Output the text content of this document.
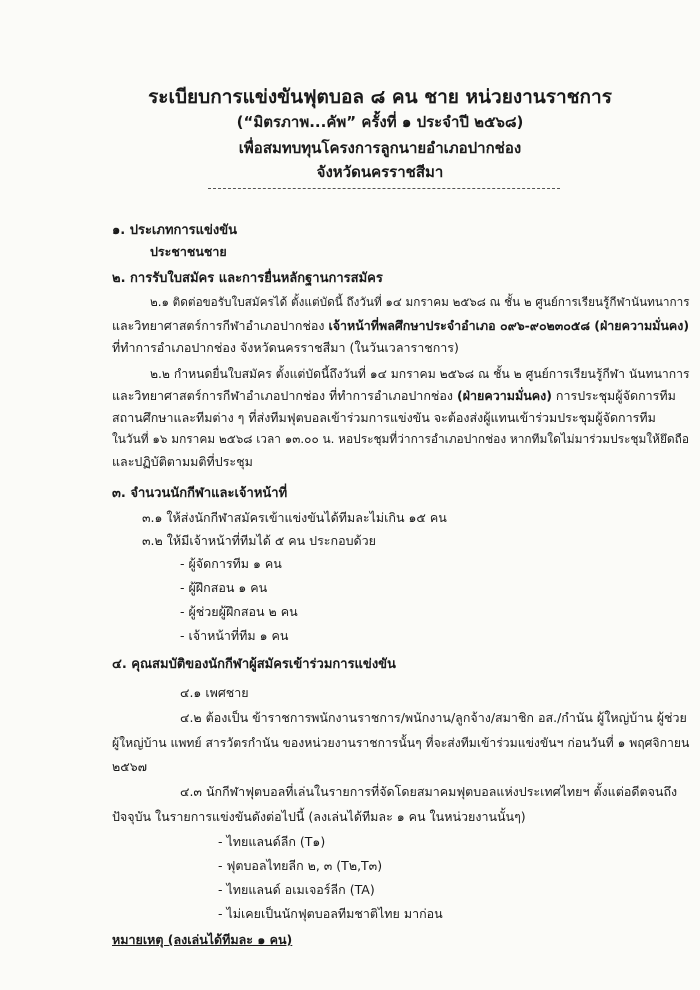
ระเบียบการแข่งขันฟุตบอล ๘ คน ชาย หน่วยงานราชการ
(“มิตรภาพ...คัพ” ครั้งที่ ๑ ประจำปี ๒๕๖๘)
เพื่อสมทบทุนโครงการลูกนายอำเภอปากช่อง
จังหวัดนครราชสีมา
๑. ประเภทการแข่งขัน
ประชาชนชาย
๒. การรับใบสมัคร และการยื่นหลักฐานการสมัคร
๒.๑ ติดต่อขอรับใบสมัครได้ ตั้งแต่บัดนี้ ถึงวันที่ ๑๔ มกราคม ๒๕๖๘ ณ ชั้น ๒ ศูนย์การเรียนรู้กีฬานันทนาการ
และวิทยาศาสตร์การกีฬาอำเภอปากช่อง เจ้าหน้าที่พลศึกษาประจำอำเภอ ๐๙๖-๙๐๒๓๐๕๘ (ฝ่ายความมั่นคง)
ที่ทำการอำเภอปากช่อง จังหวัดนครราชสีมา (ในวันเวลาราชการ)
๒.๒ กำหนดยื่นใบสมัคร ตั้งแต่บัดนี้ถึงวันที่ ๑๔ มกราคม ๒๕๖๘ ณ ชั้น ๒ ศูนย์การเรียนรู้กีฬา นันทนาการ
และวิทยาศาสตร์การกีฬาอำเภอปากช่อง ที่ทำการอำเภอปากช่อง (ฝ่ายความมั่นคง) การประชุมผู้จัดการทีม
สถานศึกษาและทีมต่าง ๆ ที่ส่งทีมฟุตบอลเข้าร่วมการแข่งขัน จะต้องส่งผู้แทนเข้าร่วมประชุมผู้จัดการทีม
ในวันที่ ๑๖ มกราคม ๒๕๖๘ เวลา ๑๓.๐๐ น. หอประชุมที่ว่าการอำเภอปากช่อง หากทีมใดไม่มาร่วมประชุมให้ยึดถือ
และปฏิบัติตามมติที่ประชุม
๓. จำนวนนักกีฬาและเจ้าหน้าที่
๓.๑ ให้ส่งนักกีฬาสมัครเข้าแข่งขันได้ทีมละไม่เกิน ๑๕ คน
๓.๒ ให้มีเจ้าหน้าที่ทีมได้ ๕ คน ประกอบด้วย
- ผู้จัดการทีม ๑ คน
- ผู้ฝึกสอน ๑ คน
- ผู้ช่วยผู้ฝึกสอน ๒ คน
- เจ้าหน้าที่ทีม ๑ คน
๔. คุณสมบัติของนักกีฬาผู้สมัครเข้าร่วมการแข่งขัน
๔.๑ เพศชาย
๔.๒ ต้องเป็น ข้าราชการพนักงานราชการ/พนักงาน/ลูกจ้าง/สมาชิก อส./กำนัน ผู้ใหญ่บ้าน ผู้ช่วย
ผู้ใหญ่บ้าน แพทย์ สารวัตรกำนัน ของหน่วยงานราชการนั้นๆ ที่จะส่งทีมเข้าร่วมแข่งขันฯ ก่อนวันที่ ๑ พฤศจิกายน
๒๕๖๗
๔.๓ นักกีฬาฟุตบอลที่เล่นในรายการที่จัดโดยสมาคมฟุตบอลแห่งประเทศไทยฯ ตั้งแต่อดีตจนถึง
ปัจจุบัน ในรายการแข่งขันดังต่อไปนี้ (ลงเล่นได้ทีมละ ๑ คน ในหน่วยงานนั้นๆ)
- ไทยแลนด์ลีก (T๑)
- ฟุตบอลไทยลีก ๒, ๓ (T๒,T๓)
- ไทยแลนด์ อเมเจอร์ลีก (TA)
- ไม่เคยเป็นนักฟุตบอลทีมชาติไทย มาก่อน
หมายเหตุ (ลงเล่นได้ทีมละ ๑ คน)
